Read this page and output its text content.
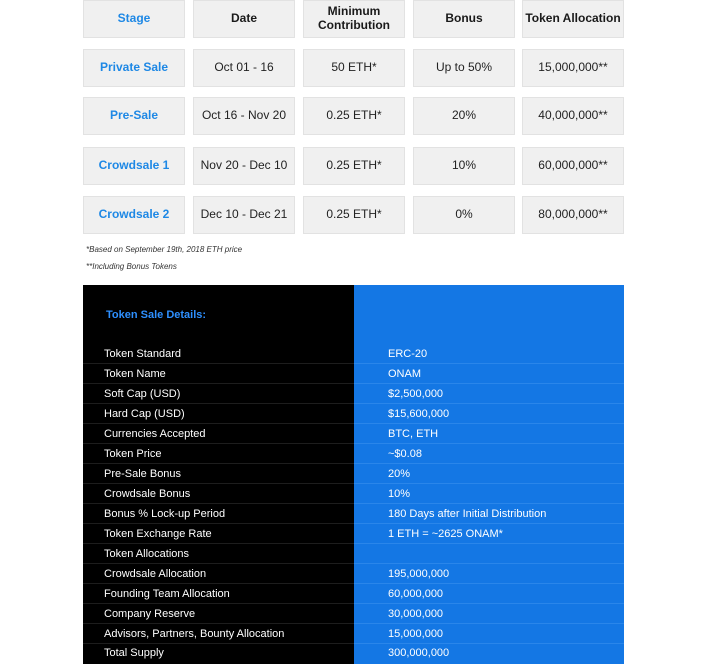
Stage	Date	Minimum Contribution	Bonus	Token Allocation
Private Sale	Oct 01 - 16	50 ETH*	Up to 50%	15,000,000**
Pre-Sale	Oct 16 - Nov 20	0.25 ETH*	20%	40,000,000**
Crowdsale 1	Nov 20 - Dec 10	0.25 ETH*	10%	60,000,000**
Crowdsale 2	Dec 10 - Dec 21	0.25 ETH*	0%	80,000,000**
*Based on September 19th, 2018 ETH price
**Including Bonus Tokens
Token Sale Details:
Token Standard	ERC-20
Token Name	ONAM
Soft Cap (USD)	$2,500,000
Hard Cap (USD)	$15,600,000
Currencies Accepted	BTC, ETH
Token Price	~$0.08
Pre-Sale Bonus	20%
Crowdsale Bonus	10%
Bonus % Lock-up Period	180 Days after Initial Distribution
Token Exchange Rate	1 ETH = ~2625 ONAM*
Token Allocations
Crowdsale Allocation	195,000,000
Founding Team Allocation	60,000,000
Company Reserve	30,000,000
Advisors, Partners, Bounty Allocation	15,000,000
Total Supply	300,000,000
